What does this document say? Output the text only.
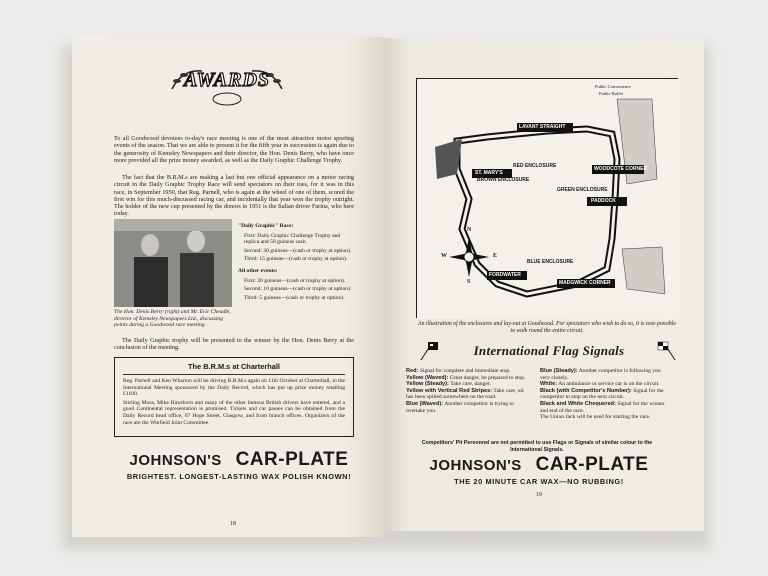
AWARDS
To all Goodwood devotees to-day's race meeting is one of the most attractive motor sporting events of the season. That we are able to present it for the fifth year in succession is again due to the generosity of Kemsley Newspapers and their director, the Hon. Denis Berry, who have once more provided all the prize money awarded, as well as the Daily Graphic Challenge Trophy.
The fact that the B.R.M.s are making a last but one official appearance on a motor racing circuit in the Daily Graphic Trophy Race will send spectators on their toes, for it was in this race, in September 1950, that Reg. Parnell, who is again at the wheel of one of them, scored the first win for this much-discussed racing car, and incidentally that year won the trophy outright. The holder of the new cup presented by the donors in 1951 is the Italian driver Farina, who here today.
The Hon. Denis Berry (right) and Mr. Eric Cheadle, director of Kemsley Newspapers Ltd., discussing points during a Goodwood race meeting.
"Daily Graphic" Race:
First: Daily Graphic Challenge Trophy and replica and 50 guineas cash.
Second: 30 guineas—(cash or trophy at option).
Third: 15 guineas—(cash or trophy at option).
All other events:
First: 20 guineas—(cash or trophy at option).
Second: 10 guineas—(cash or trophy at option).
Third: 5 guineas—(cash or trophy at option).
The Daily Graphic trophy will be presented to the winner by the Hon. Denis Berry at the conclusion of the meeting.
The B.R.M.s at Charterhall
Reg. Parnell and Ken Wharton will be driving B.R.M.s again on 11th October at Charterhall, in the International Meeting sponsored by the Daily Record, which has put up prize money totalling £1100.
Stirling Moss, Mike Hawthorn and many of the other famous British drivers have entered, and a good Continental representation is promised. Tickets and car passes can be obtained from the Daily Record head office, 67 Hope Street, Glasgow, and from branch offices. Organizers of the race are the Winfield Joint Committee.
JOHNSON'S CAR-PLATE
BRIGHTEST. LONGEST-LASTING WAX POLISH KNOWN!
18
Public Convenience
Public Buffet
RED ENCLOSURE
LAVANT STRAIGHT
BROWN ENCLOSURE
GREEN ENCLOSURE
PADDOCK
ST. MARY'S
BLUE ENCLOSURE
WOODCOTE CORNER
MADGWICK CORNER
FORDWATER
N
S
E
W
An illustration of the enclosures and lay-out at Goodwood. For spectators who wish to do so, it is now possible to walk round the entire circuit.
International Flag Signals
Red: Signal for complete and immediate stop.
Yellow (Waved): Great danger, be prepared to stop.
Yellow (Steady): Take care, danger.
Yellow with Vertical Red Stripes: Take care, oil has been spilled somewhere on the road.
Blue (Waved): Another competitor is trying to overtake you.
Blue (Steady): Another competitor is following you very closely.
White: An ambulance or service car is on the circuit.
Black (with Competitor's Number): Signal for the competitor to stop on the next circuit.
Black and White Chequered: Signal for the winner and end of the race.
The Union Jack will be used for starting the race.
Competitors' Pit Personnel are not permitted to use Flags or Signals of similar colour to the International Signals.
JOHNSON'S CAR-PLATE
THE 20 MINUTE CAR WAX—NO RUBBING!
19
